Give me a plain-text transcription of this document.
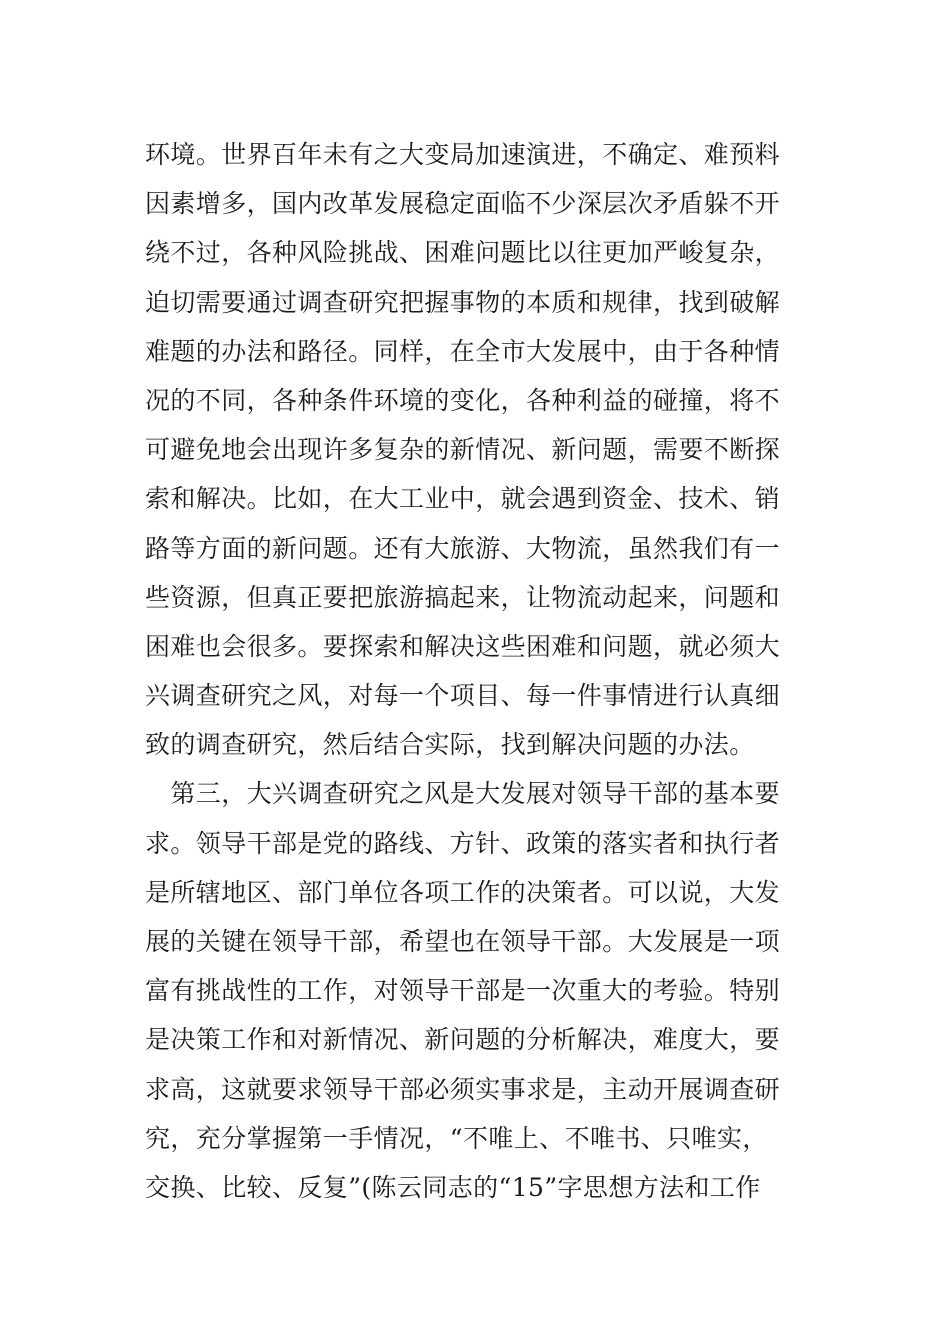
环境。世界百年未有之大变局加速演进，不确定、难预料
因素增多，国内改革发展稳定面临不少深层次矛盾躲不开
绕不过，各种风险挑战、困难问题比以往更加严峻复杂，
迫切需要通过调查研究把握事物的本质和规律，找到破解
难题的办法和路径。同样，在全市大发展中，由于各种情
况的不同，各种条件环境的变化，各种利益的碰撞，将不
可避免地会出现许多复杂的新情况、新问题，需要不断探
索和解决。比如，在大工业中，就会遇到资金、技术、销
路等方面的新问题。还有大旅游、大物流，虽然我们有一
些资源，但真正要把旅游搞起来，让物流动起来，问题和
困难也会很多。要探索和解决这些困难和问题，就必须大
兴调查研究之风，对每一个项目、每一件事情进行认真细
致的调查研究，然后结合实际，找到解决问题的办法。
　第三，大兴调查研究之风是大发展对领导干部的基本要
求。领导干部是党的路线、方针、政策的落实者和执行者
是所辖地区、部门单位各项工作的决策者。可以说，大发
展的关键在领导干部，希望也在领导干部。大发展是一项
富有挑战性的工作，对领导干部是一次重大的考验。特别
是决策工作和对新情况、新问题的分析解决，难度大，要
求高，这就要求领导干部必须实事求是，主动开展调查研
究，充分掌握第一手情况，“不唯上、不唯书、只唯实，
交换、比较、反复”(陈云同志的“15”字思想方法和工作
